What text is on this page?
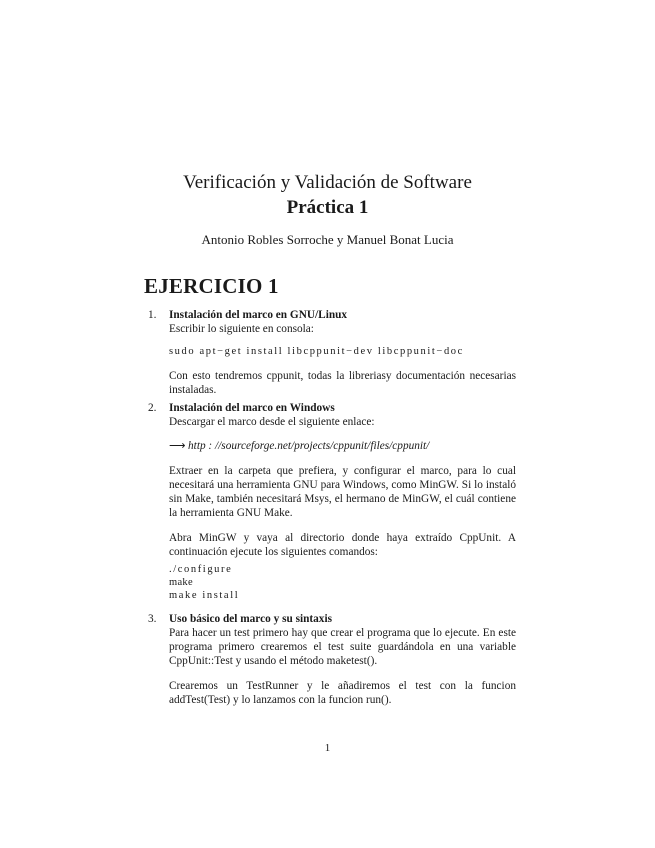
Verificación y Validación de Software
Práctica 1
Antonio Robles Sorroche y Manuel Bonat Lucia
EJERCICIO 1
1. Instalación del marco en GNU/Linux

Escribir lo siguiente en consola:

sudo apt−get install libcppunit−dev libcppunit−doc

Con esto tendremos cppunit, todas la libreriasy documentación necesarias instaladas.

2. Instalación del marco en Windows

Descargar el marco desde el siguiente enlace:

⟶ http : //sourceforge.net/projects/cppunit/files/cppunit/

Extraer en la carpeta que prefiera, y configurar el marco, para lo cual necesitará una herramienta GNU para Windows, como MinGW. Si lo instaló sin Make, también necesitará Msys, el hermano de MinGW, el cuál contiene la herramienta GNU Make.

Abra MinGW y vaya al directorio donde haya extraído CppUnit. A continuación ejecute los siguientes comandos:

./configure

make

make install

3. Uso básico del marco y su sintaxis

Para hacer un test primero hay que crear el programa que lo ejecute. En este programa primero crearemos el test suite guardándola en una variable CppUnit::Test y usando el método maketest().

Crearemos un TestRunner y le añadiremos el test con la funcion addTest(Test) y lo lanzamos con la funcion run().

1
